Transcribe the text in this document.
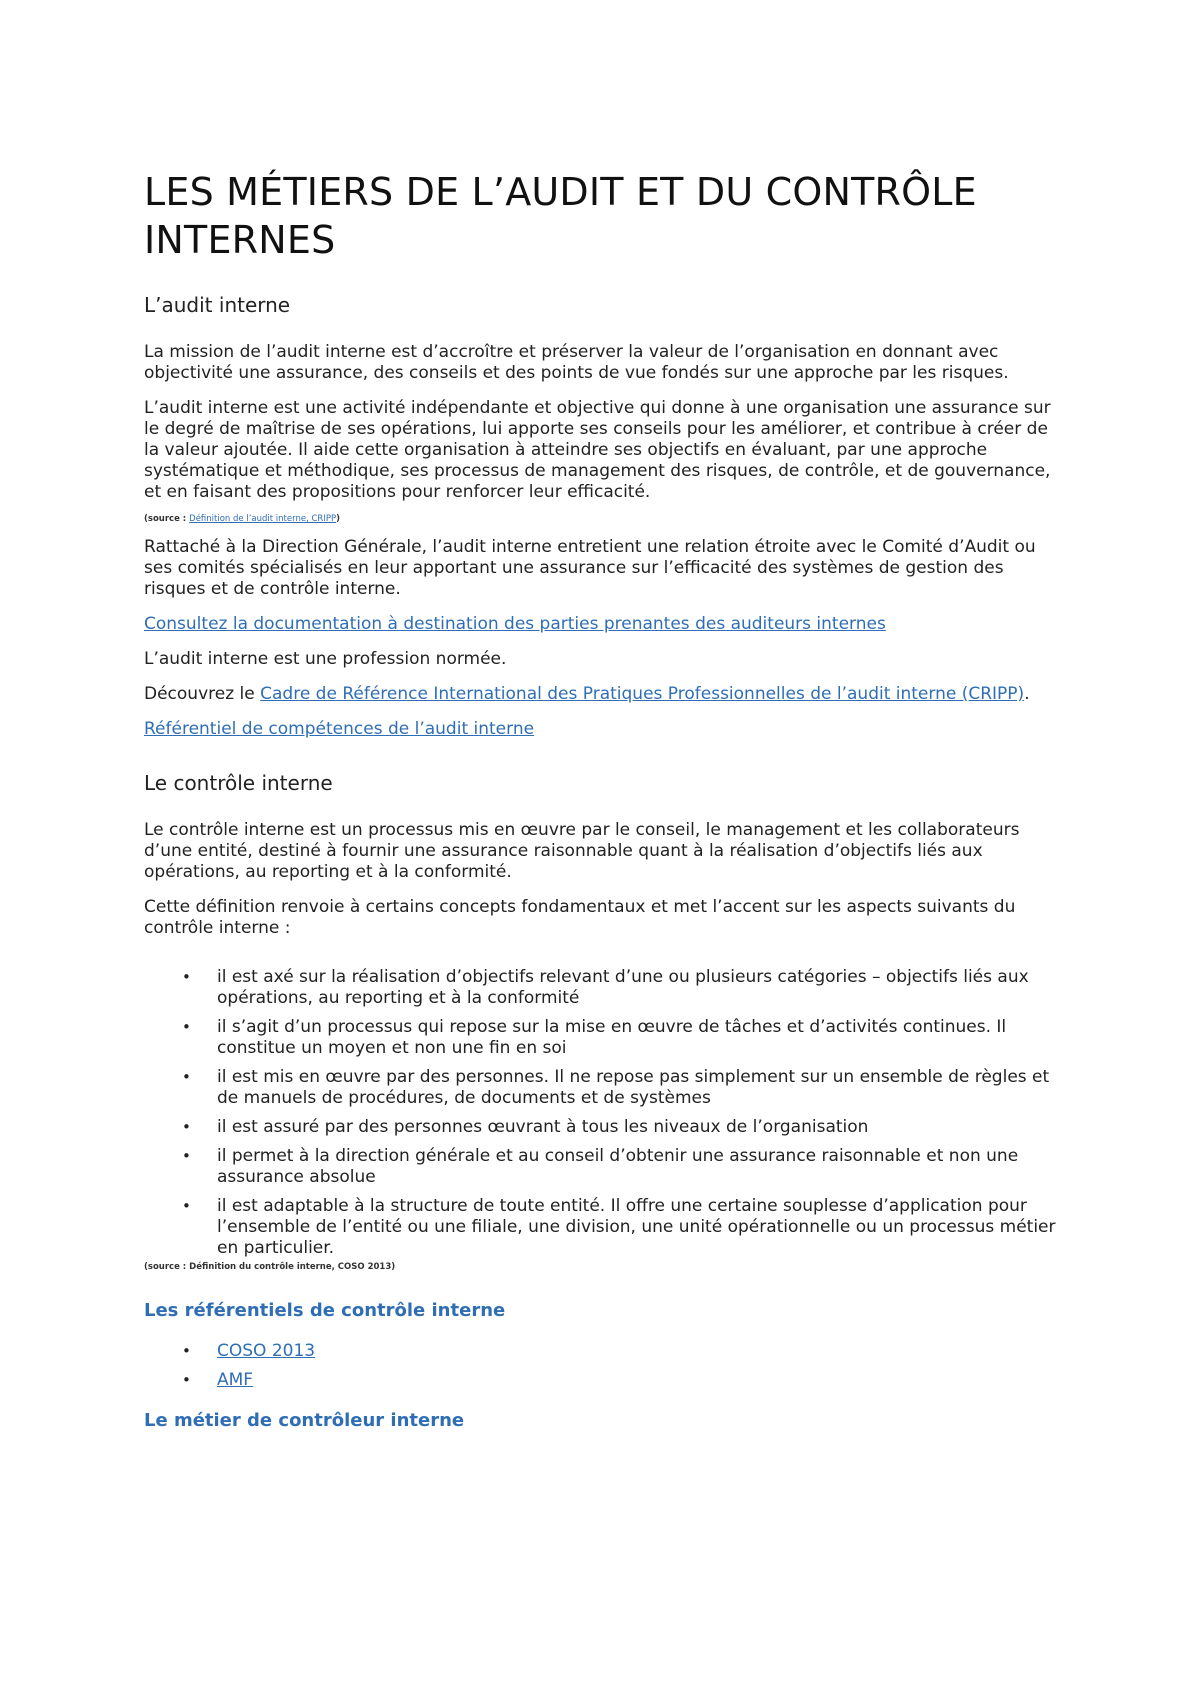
LES MÉTIERS DE L’AUDIT ET DU CONTRÔLE INTERNES
L’audit interne

La mission de l’audit interne est d’accroître et préserver la valeur de l’organisation en donnant avec objectivité une assurance, des conseils et des points de vue fondés sur une approche par les risques.

L’audit interne est une activité indépendante et objective qui donne à une organisation une assurance sur le degré de maîtrise de ses opérations, lui apporte ses conseils pour les améliorer, et contribue à créer de la valeur ajoutée. Il aide cette organisation à atteindre ses objectifs en évaluant, par une approche systématique et méthodique, ses processus de management des risques, de contrôle, et de gouvernance, et en faisant des propositions pour renforcer leur efficacité.

(source : Définition de l’audit interne, CRIPP)

Rattaché à la Direction Générale, l’audit interne entretient une relation étroite avec le Comité d’Audit ou ses comités spécialisés en leur apportant une assurance sur l’efficacité des systèmes de gestion des risques et de contrôle interne.

Consultez la documentation à destination des parties prenantes des auditeurs internes

L’audit interne est une profession normée.

Découvrez le Cadre de Référence International des Pratiques Professionnelles de l’audit interne (CRIPP).

Référentiel de compétences de l’audit interne

Le contrôle interne

Le contrôle interne est un processus mis en œuvre par le conseil, le management et les collaborateurs d’une entité, destiné à fournir une assurance raisonnable quant à la réalisation d’objectifs liés aux opérations, au reporting et à la conformité.

Cette définition renvoie à certains concepts fondamentaux et met l’accent sur les aspects suivants du contrôle interne :

• il est axé sur la réalisation d’objectifs relevant d’une ou plusieurs catégories – objectifs liés aux opérations, au reporting et à la conformité
• il s’agit d’un processus qui repose sur la mise en œuvre de tâches et d’activités continues. Il constitue un moyen et non une fin en soi
• il est mis en œuvre par des personnes. Il ne repose pas simplement sur un ensemble de règles et de manuels de procédures, de documents et de systèmes
• il est assuré par des personnes œuvrant à tous les niveaux de l’organisation
• il permet à la direction générale et au conseil d’obtenir une assurance raisonnable et non une assurance absolue
• il est adaptable à la structure de toute entité. Il offre une certaine souplesse d’application pour l’ensemble de l’entité ou une filiale, une division, une unité opérationnelle ou un processus métier en particulier.
(source : Définition du contrôle interne, COSO 2013)
Les référentiels de contrôle interne
• COSO 2013
• AMF
Le métier de contrôleur interne
